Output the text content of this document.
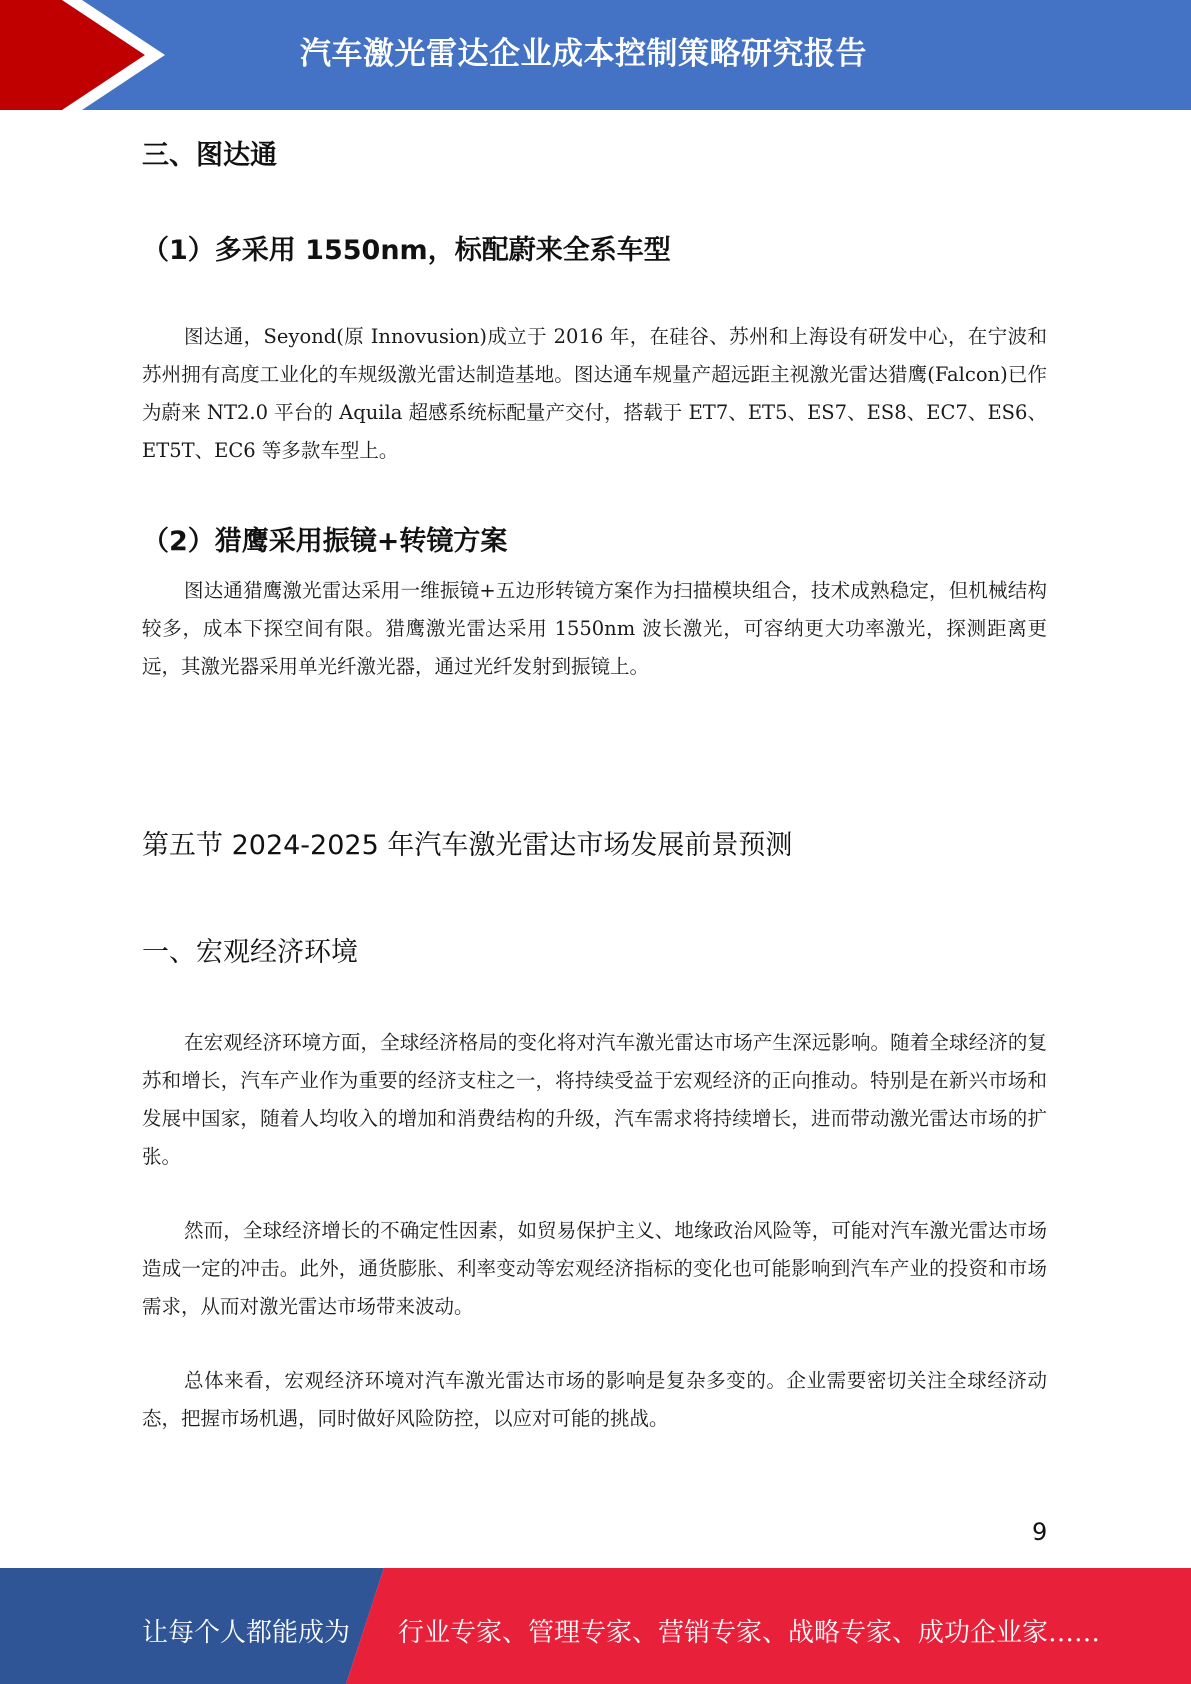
汽车激光雷达企业成本控制策略研究报告
三、图达通
（1）多采用 1550nm，标配蔚来全系车型

图达通，Seyond(原 Innovusion)成立于 2016 年，在硅谷、苏州和上海设有研发中心，在宁波和苏州拥有高度工业化的车规级激光雷达制造基地。图达通车规量产超远距主视激光雷达猎鹰(Falcon)已作为蔚来 NT2.0 平台的 Aquila 超感系统标配量产交付，搭载于 ET7、ET5、ES7、ES8、EC7、ES6、ET5T、EC6 等多款车型上。

（2）猎鹰采用振镜+转镜方案

图达通猎鹰激光雷达采用一维振镜+五边形转镜方案作为扫描模块组合，技术成熟稳定，但机械结构较多，成本下探空间有限。猎鹰激光雷达采用 1550nm 波长激光，可容纳更大功率激光，探测距离更远，其激光器采用单光纤激光器，通过光纤发射到振镜上。

第五节 2024-2025 年汽车激光雷达市场发展前景预测
一、宏观经济环境

在宏观经济环境方面，全球经济格局的变化将对汽车激光雷达市场产生深远影响。随着全球经济的复苏和增长，汽车产业作为重要的经济支柱之一，将持续受益于宏观经济的正向推动。特别是在新兴市场和发展中国家，随着人均收入的增加和消费结构的升级，汽车需求将持续增长，进而带动激光雷达市场的扩张。

然而，全球经济增长的不确定性因素，如贸易保护主义、地缘政治风险等，可能对汽车激光雷达市场造成一定的冲击。此外，通货膨胀、利率变动等宏观经济指标的变化也可能影响到汽车产业的投资和市场需求，从而对激光雷达市场带来波动。

总体来看，宏观经济环境对汽车激光雷达市场的影响是复杂多变的。企业需要密切关注全球经济动态，把握市场机遇，同时做好风险防控，以应对可能的挑战。

9
让每个人都能成为 行业专家、管理专家、营销专家、战略专家、成功企业家……
